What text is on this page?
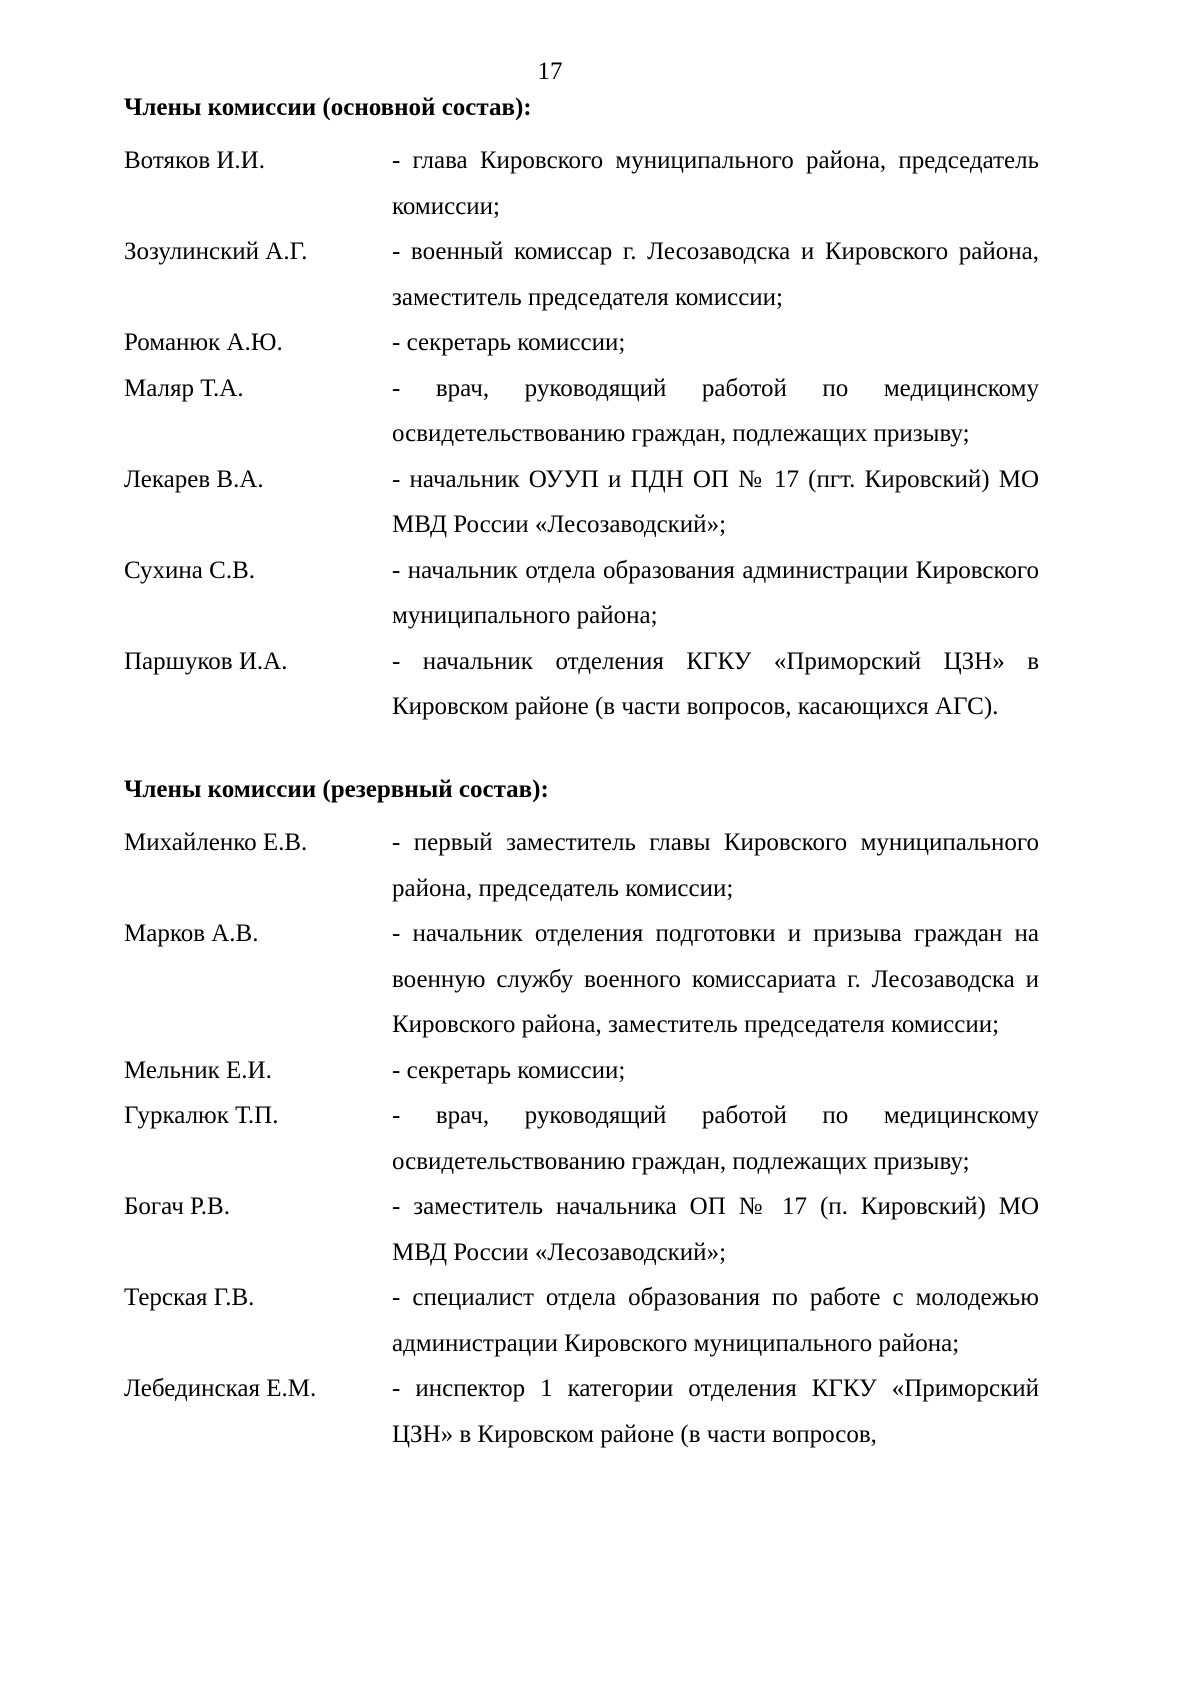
17
Члены комиссии (основной состав):
Вотяков И.И.	- глава Кировского муниципального района, председатель комиссии;
Зозулинский А.Г.	- военный комиссар г. Лесозаводска и Кировского района, заместитель председателя комиссии;
Романюк А.Ю.	- секретарь комиссии;
Маляр Т.А.	- врач, руководящий работой по медицинскому освидетельствованию граждан, подлежащих призыву;
Лекарев В.А.	- начальник ОУУП и ПДН ОП № 17 (пгт. Кировский) МО МВД России «Лесозаводский»;
Сухина С.В.	- начальник отдела образования администрации Кировского муниципального района;
Паршуков И.А.	- начальник отделения КГКУ «Приморский ЦЗН» в Кировском районе (в части вопросов, касающихся АГС).
Члены комиссии (резервный состав):
Михайленко Е.В.	- первый заместитель главы Кировского муниципального района, председатель комиссии;
Марков А.В.	- начальник отделения подготовки и призыва граждан на военную службу военного комиссариата г. Лесозаводска и Кировского района, заместитель председателя комиссии;
Мельник Е.И.	- секретарь комиссии;
Гуркалюк Т.П.	- врач, руководящий работой по медицинскому освидетельствованию граждан, подлежащих призыву;
Богач Р.В.	- заместитель начальника ОП № 17 (п. Кировский) МО МВД России «Лесозаводский»;
Терская Г.В.	- специалист отдела образования по работе с молодежью администрации Кировского муниципального района;
Лебединская Е.М.	- инспектор 1 категории отделения КГКУ «Приморский ЦЗН» в Кировском районе (в части вопросов,
